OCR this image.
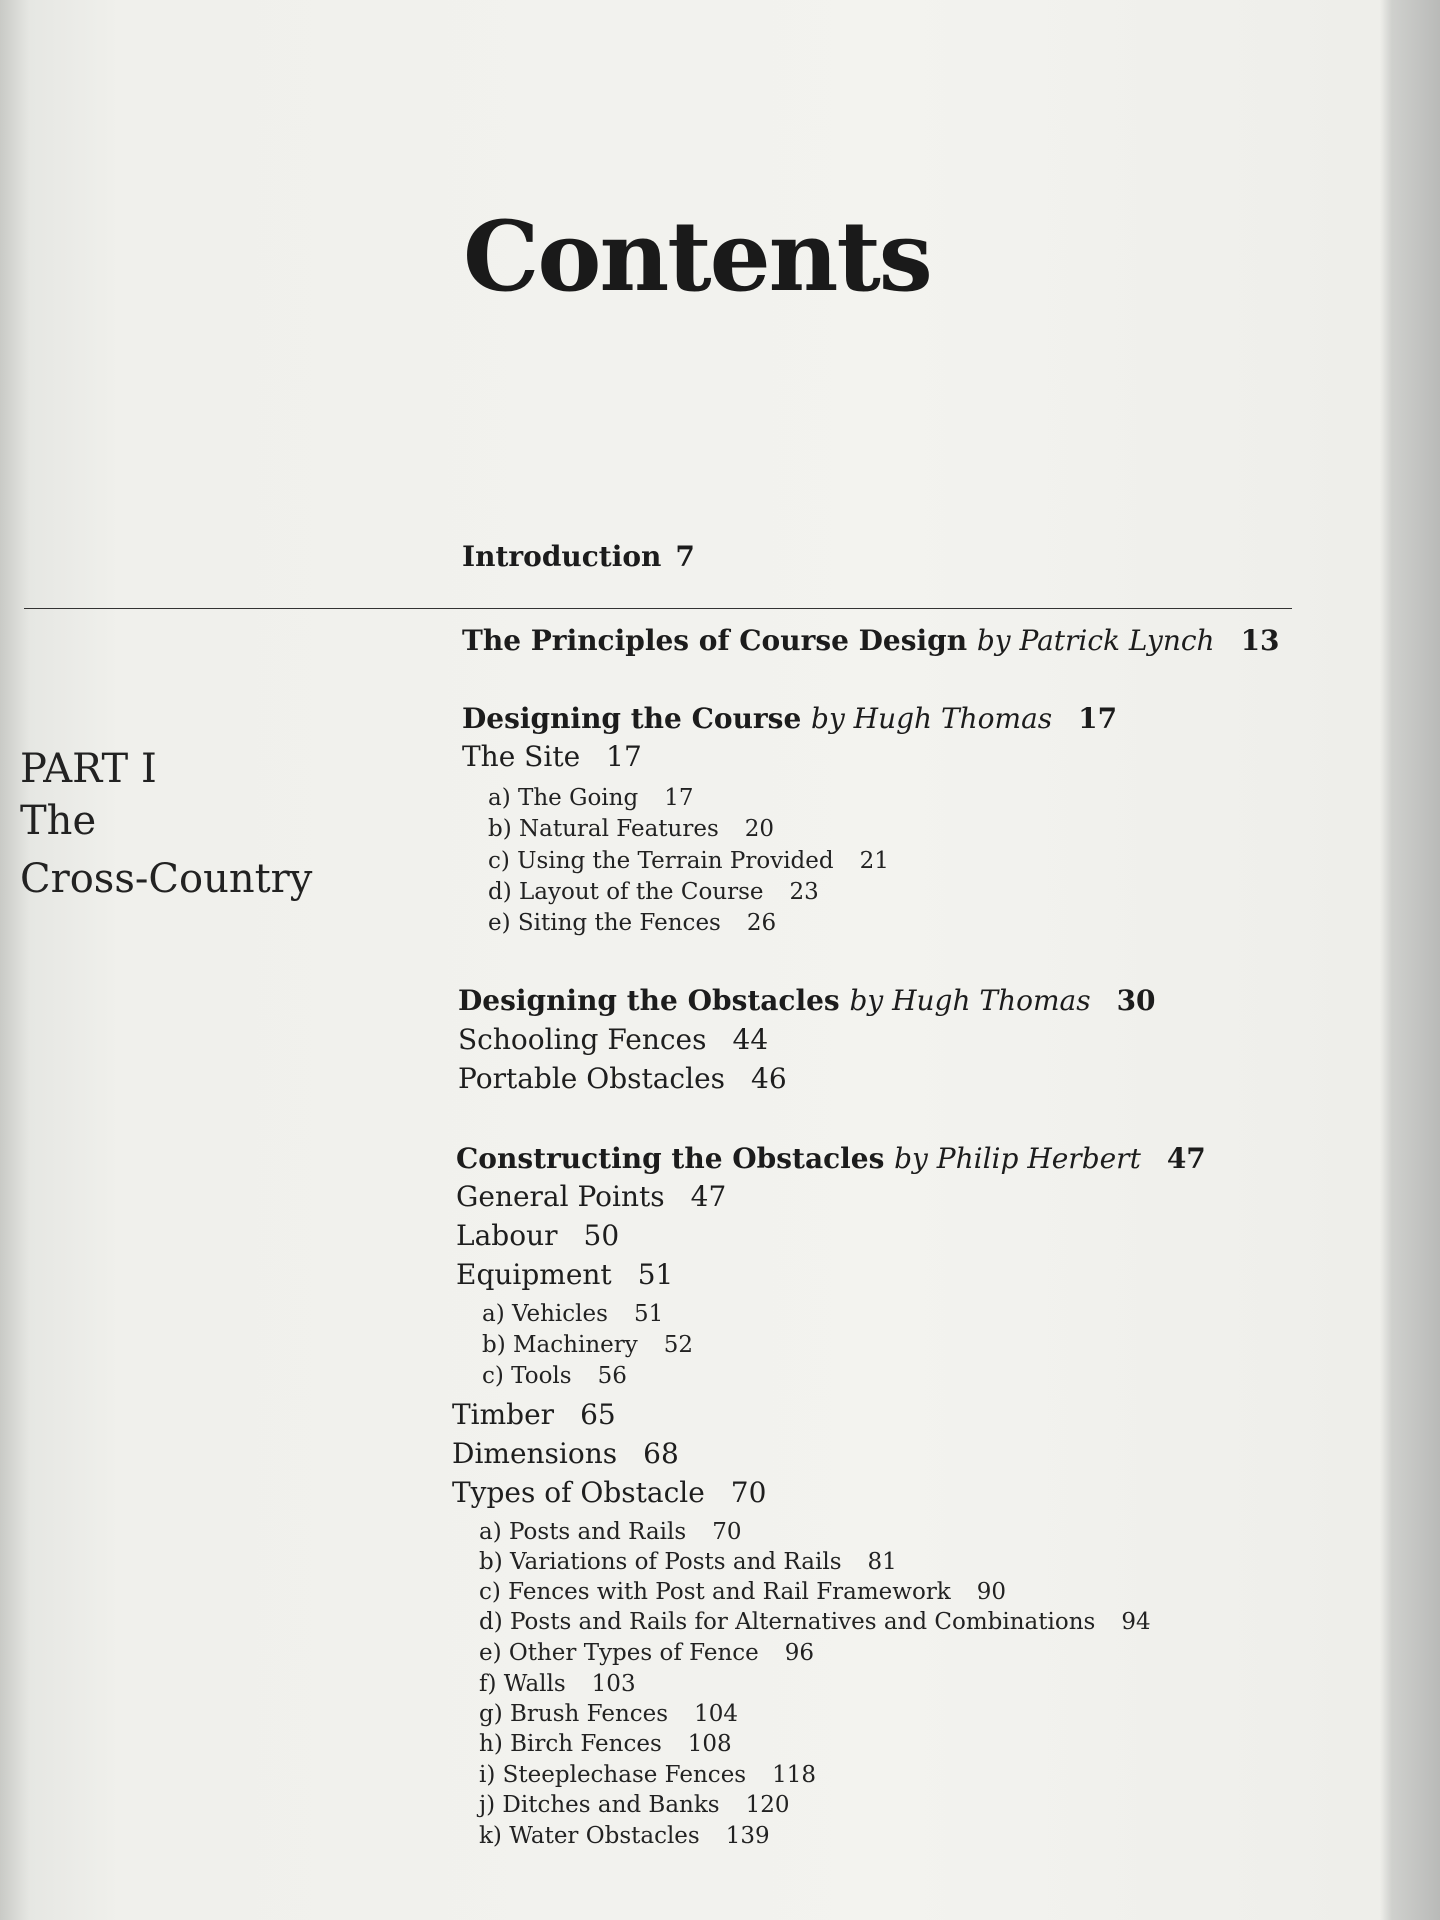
Contents
PART I
The
Cross-Country
Introduction 7
The Principles of Course Design by Patrick Lynch 13
Designing the Course by Hugh Thomas 17
The Site 17
a) The Going 17
b) Natural Features 20
c) Using the Terrain Provided 21
d) Layout of the Course 23
e) Siting the Fences 26
Designing the Obstacles by Hugh Thomas 30
Schooling Fences 44
Portable Obstacles 46
Constructing the Obstacles by Philip Herbert 47
General Points 47
Labour 50
Equipment 51
a) Vehicles 51
b) Machinery 52
c) Tools 56
Timber 65
Dimensions 68
Types of Obstacle 70
a) Posts and Rails 70
b) Variations of Posts and Rails 81
c) Fences with Post and Rail Framework 90
d) Posts and Rails for Alternatives and Combinations 94
e) Other Types of Fence 96
f) Walls 103
g) Brush Fences 104
h) Birch Fences 108
i) Steeplechase Fences 118
j) Ditches and Banks 120
k) Water Obstacles 139
